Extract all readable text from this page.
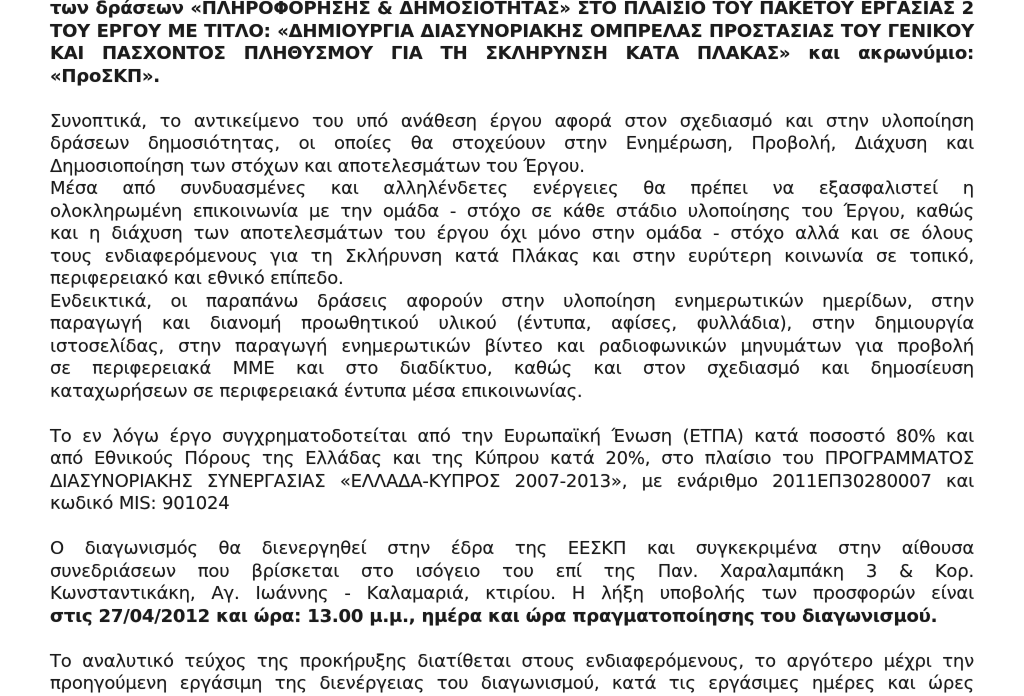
των δράσεων «ΠΛΗΡΟΦΟΡΗΣΗΣ & ΔΗΜΟΣΙΟΤΗΤΑΣ» ΣΤΟ ΠΛΑΙΣΙΟ ΤΟΥ ΠΑΚΕΤΟΥ ΕΡΓΑΣΙΑΣ 2
ΤΟΥ ΕΡΓΟΥ ΜΕ ΤΙΤΛΟ: «ΔΗΜΙΟΥΡΓΙΑ ΔΙΑΣΥΝΟΡΙΑΚΗΣ ΟΜΠΡΕΛΑΣ ΠΡΟΣΤΑΣΙΑΣ ΤΟΥ ΓΕΝΙΚΟΥ
ΚΑΙ ΠΑΣΧΟΝΤΟΣ ΠΛΗΘΥΣΜΟΥ ΓΙΑ ΤΗ ΣΚΛΗΡΥΝΣΗ ΚΑΤΑ ΠΛΑΚΑΣ» και ακρωνύμιο:
«ΠροΣΚΠ».
Συνοπτικά, το αντικείμενο του υπό ανάθεση έργου αφορά στον σχεδιασμό και στην υλοποίηση
δράσεων δημοσιότητας, οι οποίες θα στοχεύουν στην Ενημέρωση, Προβολή, Διάχυση και
Δημοσιοποίηση των στόχων και αποτελεσμάτων του Έργου.
Μέσα από συνδυασμένες και αλληλένδετες ενέργειες θα πρέπει να εξασφαλιστεί η
ολοκληρωμένη επικοινωνία με την ομάδα - στόχο σε κάθε στάδιο υλοποίησης του Έργου, καθώς
και η διάχυση των αποτελεσμάτων του έργου όχι μόνο στην ομάδα - στόχο αλλά και σε όλους
τους ενδιαφερόμενους για τη Σκλήρυνση κατά Πλάκας και στην ευρύτερη κοινωνία σε τοπικό,
περιφερειακό και εθνικό επίπεδο.
Ενδεικτικά, οι παραπάνω δράσεις αφορούν στην υλοποίηση ενημερωτικών ημερίδων, στην
παραγωγή και διανομή προωθητικού υλικού (έντυπα, αφίσες, φυλλάδια), στην δημιουργία
ιστοσελίδας, στην παραγωγή ενημερωτικών βίντεο και ραδιοφωνικών μηνυμάτων για προβολή
σε περιφερειακά ΜΜΕ και στο διαδίκτυο, καθώς και στον σχεδιασμό και δημοσίευση
καταχωρήσεων σε περιφερειακά έντυπα μέσα επικοινωνίας.
Το εν λόγω έργο συγχρηματοδοτείται από την Ευρωπαϊκή Ένωση (ΕΤΠΑ) κατά ποσοστό 80% και
από Εθνικούς Πόρους της Ελλάδας και της Κύπρου κατά 20%, στο πλαίσιο του ΠΡΟΓΡΑΜΜΑΤΟΣ
ΔΙΑΣΥΝΟΡΙΑΚΗΣ ΣΥΝΕΡΓΑΣΙΑΣ «ΕΛΛΑΔΑ-ΚΥΠΡΟΣ 2007-2013», με ενάριθμο 2011ΕΠ30280007 και
κωδικό MIS: 901024
Ο διαγωνισμός θα διενεργηθεί στην έδρα της ΕΕΣΚΠ και συγκεκριμένα στην αίθουσα
συνεδριάσεων που βρίσκεται στο ισόγειο του επί της Παν. Χαραλαμπάκη 3 & Κορ.
Κωνσταντικάκη, Αγ. Ιωάννης - Καλαμαριά, κτιρίου. Η λήξη υποβολής των προσφορών είναι
στις 27/04/2012 και ώρα: 13.00 μ.μ., ημέρα και ώρα πραγματοποίησης του διαγωνισμού.
Το αναλυτικό τεύχος της προκήρυξης διατίθεται στους ενδιαφερόμενους, το αργότερο μέχρι την
προηγούμενη εργάσιμη της διενέργειας του διαγωνισμού, κατά τις εργάσιμες ημέρες και ώρες
